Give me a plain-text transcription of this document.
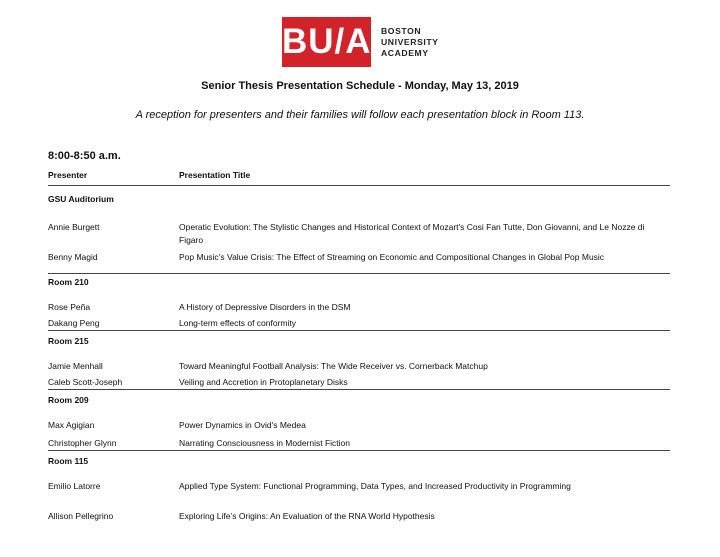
BU/A BOSTON
UNIVERSITY
ACADEMY
Senior Thesis Presentation Schedule - Monday, May 13, 2019
A reception for presenters and their families will follow each presentation block in Room 113.
8:00-8:50 a.m.
Presenter	Presentation Title
GSU Auditorium
Annie Burgett	Operatic Evolution: The Stylistic Changes and Historical Context of Mozart's Cosi Fan Tutte, Don Giovanni, and Le Nozze di Figaro
Benny Magid	Pop Music’s Value Crisis: The Effect of Streaming on Economic and Compositional Changes in Global Pop Music
Room 210
Rose Peña	A History of Depressive Disorders in the DSM
Dakang Peng	Long-term effects of conformity
Room 215
Jamie Menhall	Toward Meaningful Football Analysis: The Wide Receiver vs. Cornerback Matchup
Caleb Scott-Joseph	Veiling and Accretion in Protoplanetary Disks
Room 209
Max Agigian	Power Dynamics in Ovid's Medea
Christopher Glynn	Narrating Consciousness in Modernist Fiction
Room 115
Emilio Latorre	Applied Type System: Functional Programming, Data Types, and Increased Productivity in Programming
Allison Pellegrino	Exploring Life’s Origins: An Evaluation of the RNA World Hypothesis
